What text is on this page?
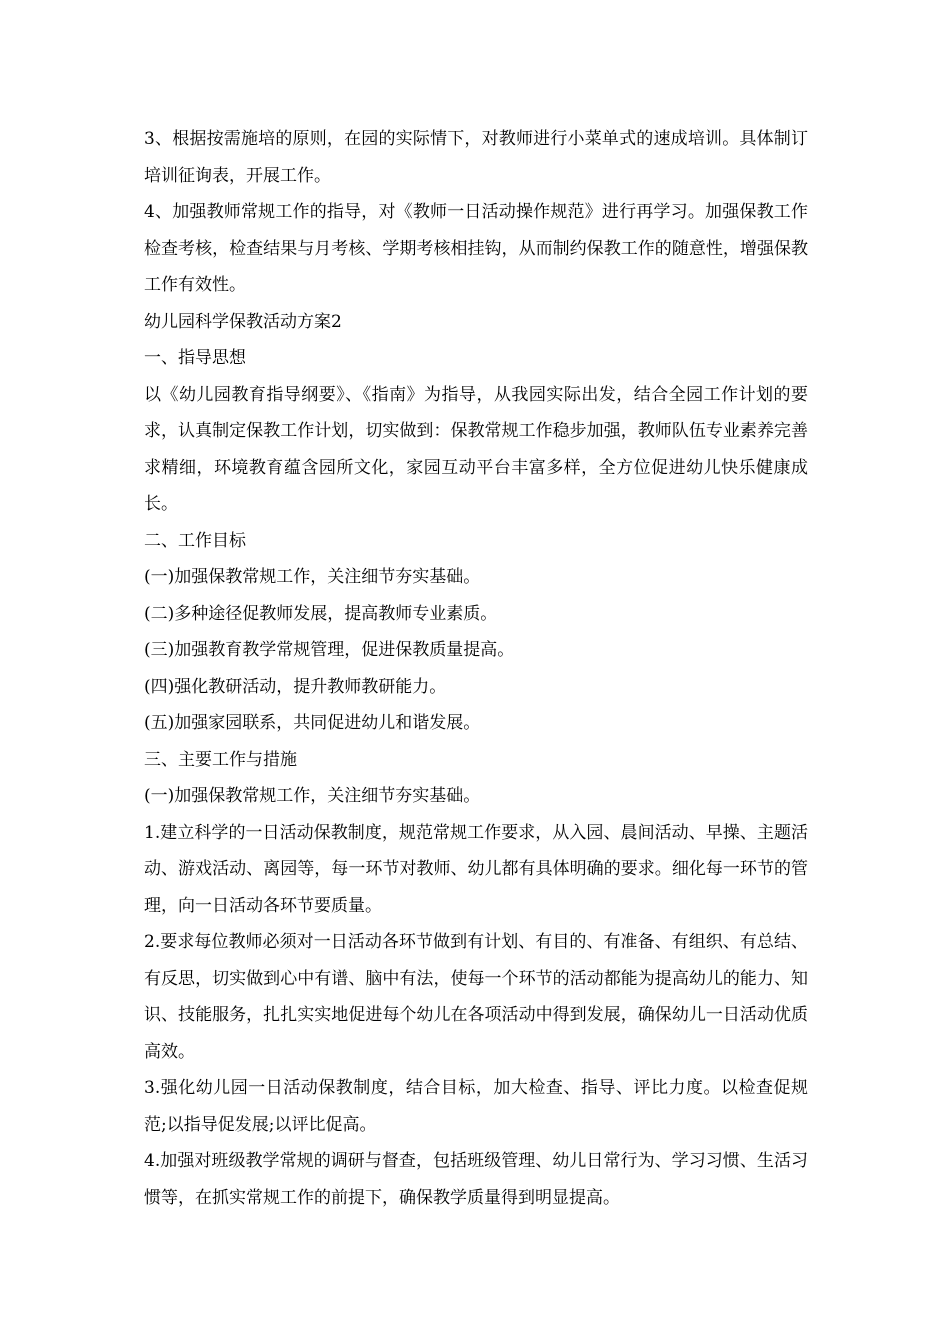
3、根据按需施培的原则，在园的实际情下，对教师进行小菜单式的速成培训。具体制订培训征询表，开展工作。

4、加强教师常规工作的指导，对《教师一日活动操作规范》进行再学习。加强保教工作检查考核，检查结果与月考核、学期考核相挂钩，从而制约保教工作的随意性，增强保教工作有效性。

幼儿园科学保教活动方案2

一、指导思想

以《幼儿园教育指导纲要》、《指南》为指导，从我园实际出发，结合全园工作计划的要求，认真制定保教工作计划，切实做到：保教常规工作稳步加强，教师队伍专业素养完善求精细，环境教育蕴含园所文化，家园互动平台丰富多样，全方位促进幼儿快乐健康成长。

二、工作目标

(一)加强保教常规工作，关注细节夯实基础。

(二)多种途径促教师发展，提高教师专业素质。

(三)加强教育教学常规管理，促进保教质量提高。

(四)强化教研活动，提升教师教研能力。

(五)加强家园联系，共同促进幼儿和谐发展。

三、主要工作与措施

(一)加强保教常规工作，关注细节夯实基础。

1.建立科学的一日活动保教制度，规范常规工作要求，从入园、晨间活动、早操、主题活动、游戏活动、离园等，每一环节对教师、幼儿都有具体明确的要求。细化每一环节的管理，向一日活动各环节要质量。

2.要求每位教师必须对一日活动各环节做到有计划、有目的、有准备、有组织、有总结、有反思，切实做到心中有谱、脑中有法，使每一个环节的活动都能为提高幼儿的能力、知识、技能服务，扎扎实实地促进每个幼儿在各项活动中得到发展，确保幼儿一日活动优质高效。

3.强化幼儿园一日活动保教制度，结合目标，加大检查、指导、评比力度。以检查促规范;以指导促发展;以评比促高。

4.加强对班级教学常规的调研与督查，包括班级管理、幼儿日常行为、学习习惯、生活习惯等，在抓实常规工作的前提下，确保教学质量得到明显提高。
